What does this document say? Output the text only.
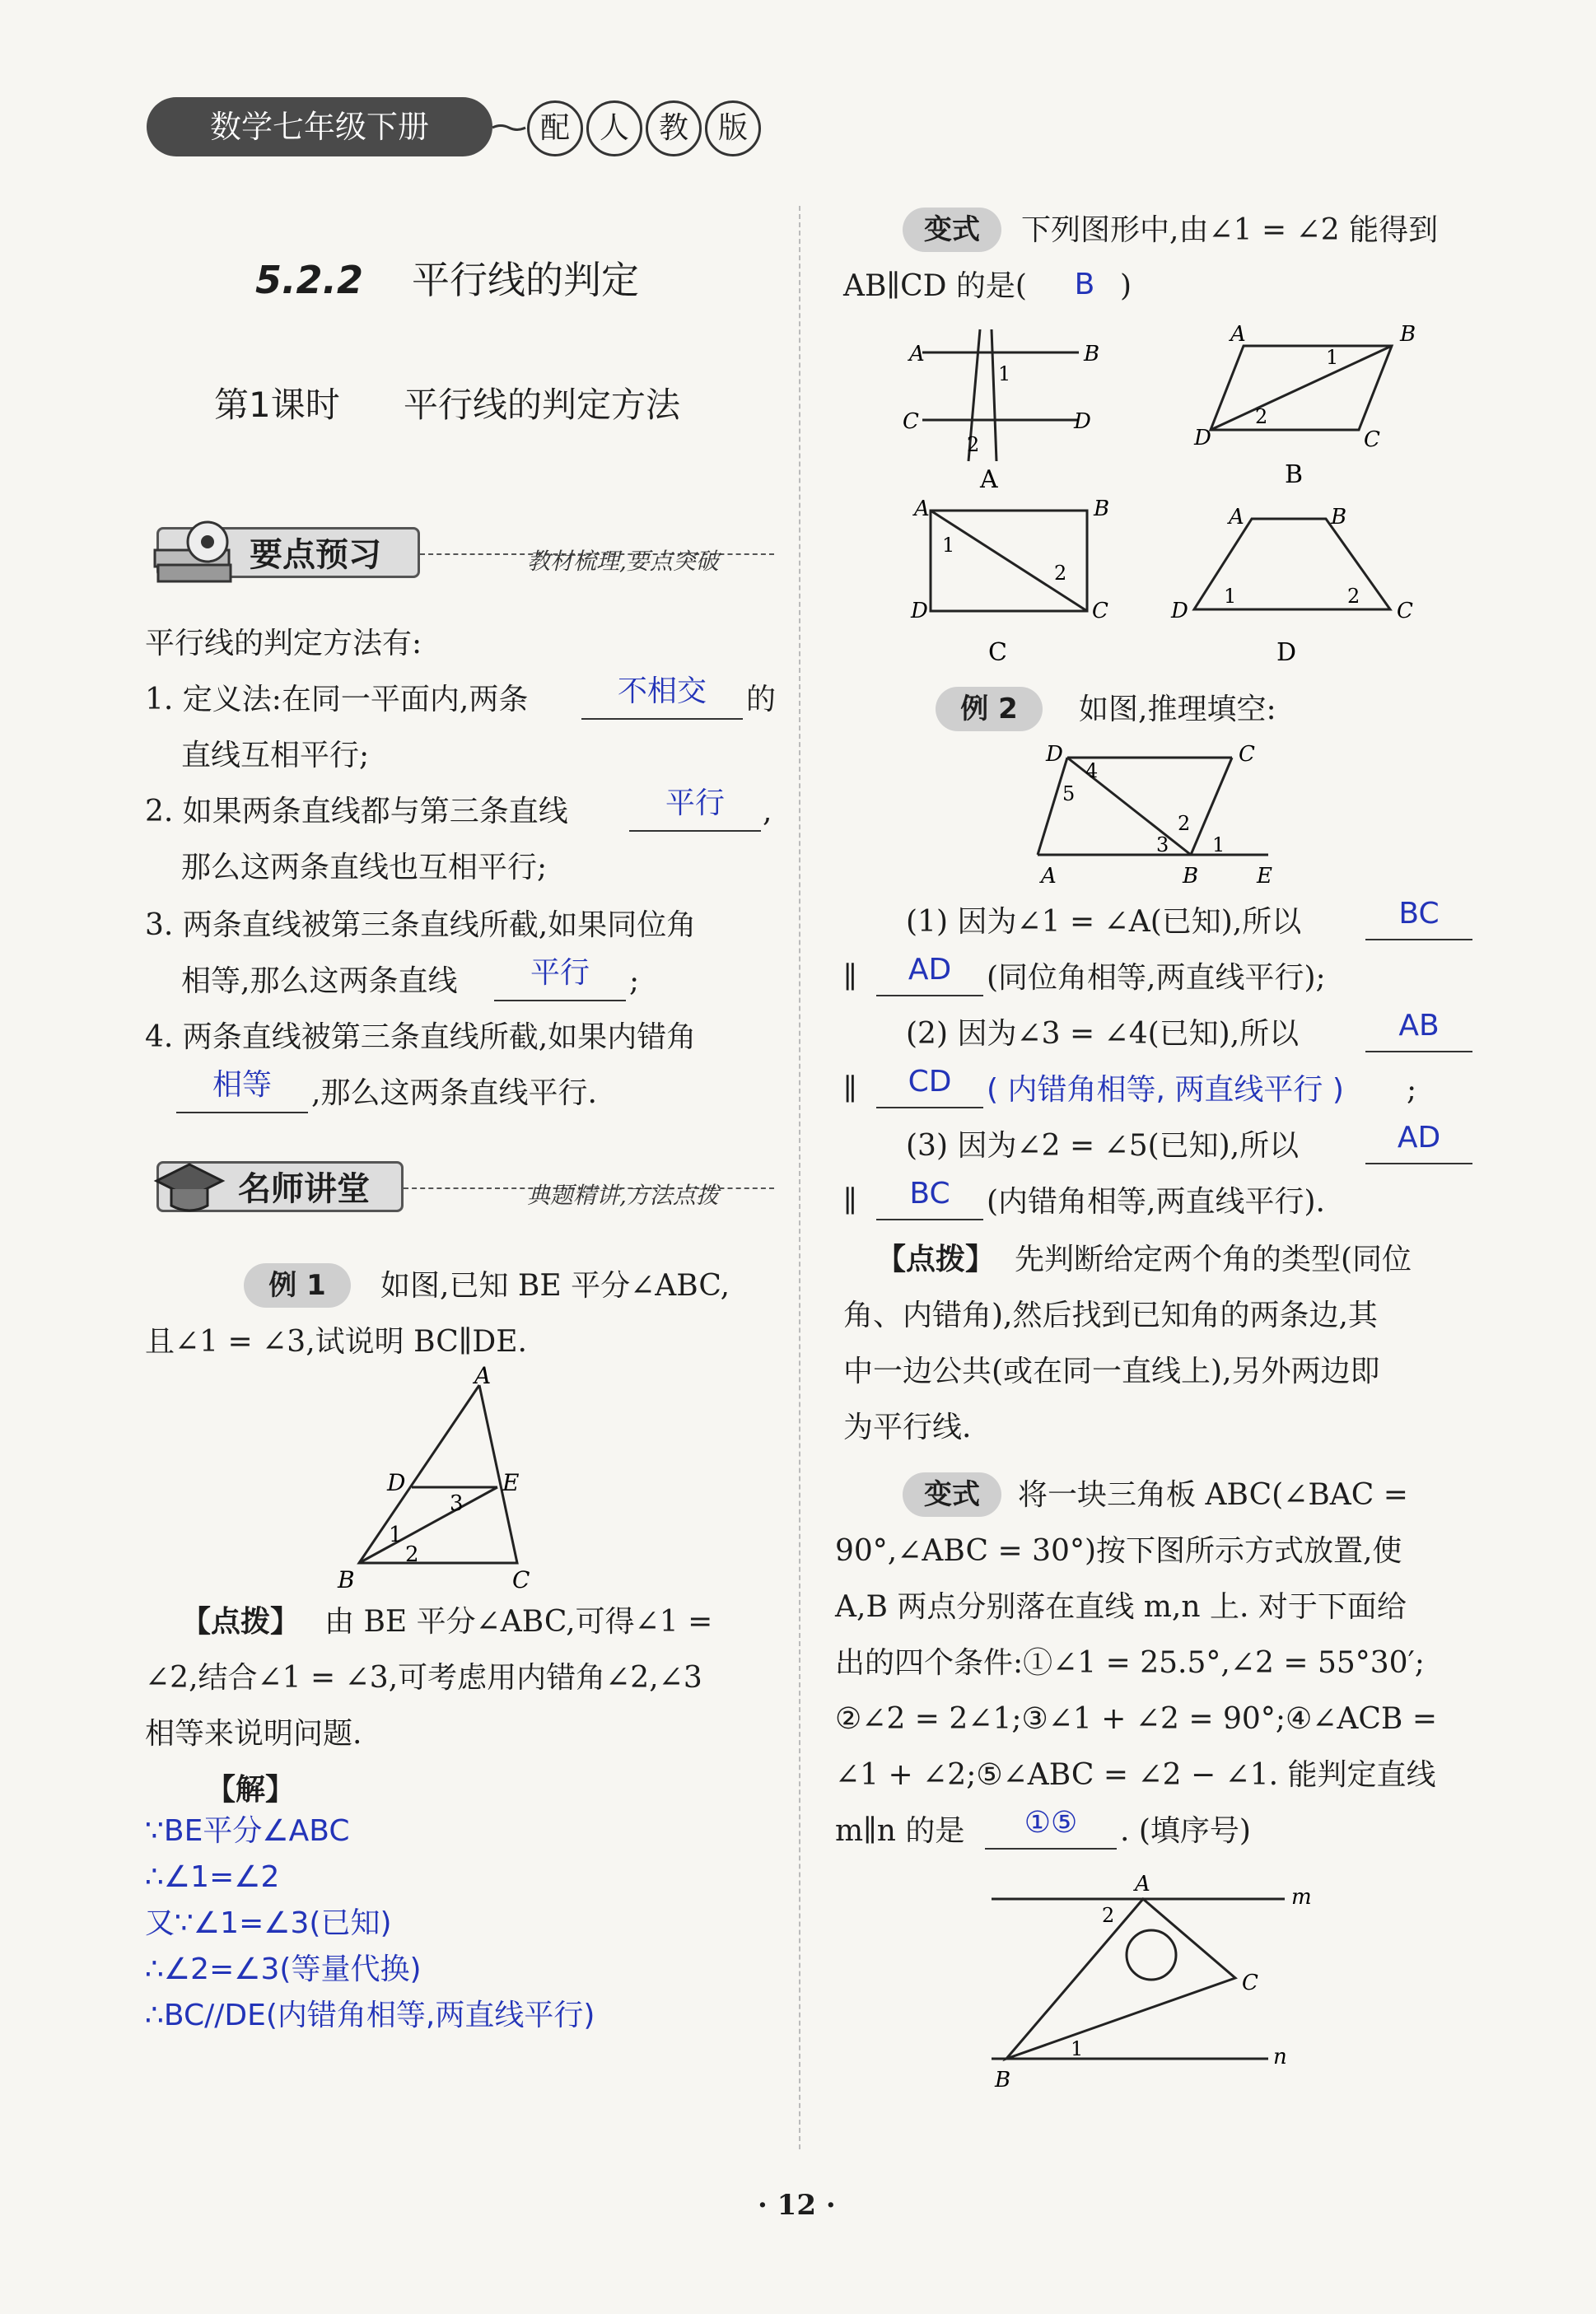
数学七年级下册	配 人 教 版
5.2.2 平行线的判定
第1课时 平行线的判定方法
要点预习	教材梳理,要点突破
平行线的判定方法有:
1. 定义法:在同一平面内,两条	不相交	的
直线互相平行;
2. 如果两条直线都与第三条直线	平行	,
那么这两条直线也互相平行;
3. 两条直线被第三条直线所截,如果同位角
相等,那么这两条直线	平行	;
4. 两条直线被第三条直线所截,如果内错角
相等	,那么这两条直线平行.
名师讲堂	典题精讲,方法点拨
例 1	如图,已知 BE 平分∠ABC,
且∠1 = ∠3,试说明 BC∥DE.
A
B	C
D	E
1
2
3
【点拨】 由 BE 平分∠ABC,可得∠1 =
∠2,结合∠1 = ∠3,可考虑用内错角∠2,∠3
相等来说明问题.
【解】
∵BE平分∠ABC
∴∠1=∠2
又∵∠1=∠3(已知)
∴∠2=∠3(等量代换)
∴BC//DE(内错角相等,两直线平行)
变式	下列图形中,由∠1 = ∠2 能得到
AB∥CD 的是(	B )
A	B
C	D
1
2
A
A	B
D	C
1
2
B
A	B
D	C
1
2
C
A	B
D	C
1	2
D
例 2	如图,推理填空:
D	C
A	B	E
4
5
2
3 1
(1) 因为∠1 = ∠A(已知),所以	BC
∥	AD	(同位角相等,两直线平行);
(2) 因为∠3 = ∠4(已知),所以	AB
∥	CD	( 内错角相等, 两直线平行 ) ;
(3) 因为∠2 = ∠5(已知),所以	AD
∥	BC	(内错角相等,两直线平行).
【点拨】 先判断给定两个角的类型(同位
角、内错角),然后找到已知角的两条边,其
中一边公共(或在同一直线上),另外两边即
为平行线.
变式	将一块三角板 ABC(∠BAC =
90°,∠ABC = 30°)按下图所示方式放置,使
A,B 两点分别落在直线 m,n 上. 对于下面给
出的四个条件:①∠1 = 25.5°,∠2 = 55°30′;
②∠2 = 2∠1;③∠1 + ∠2 = 90°;④∠ACB =
∠1 + ∠2;⑤∠ABC = ∠2 − ∠1. 能判定直线
m∥n 的是	①⑤	. (填序号)
A
B
C
m
n
1
2
· 12 ·
